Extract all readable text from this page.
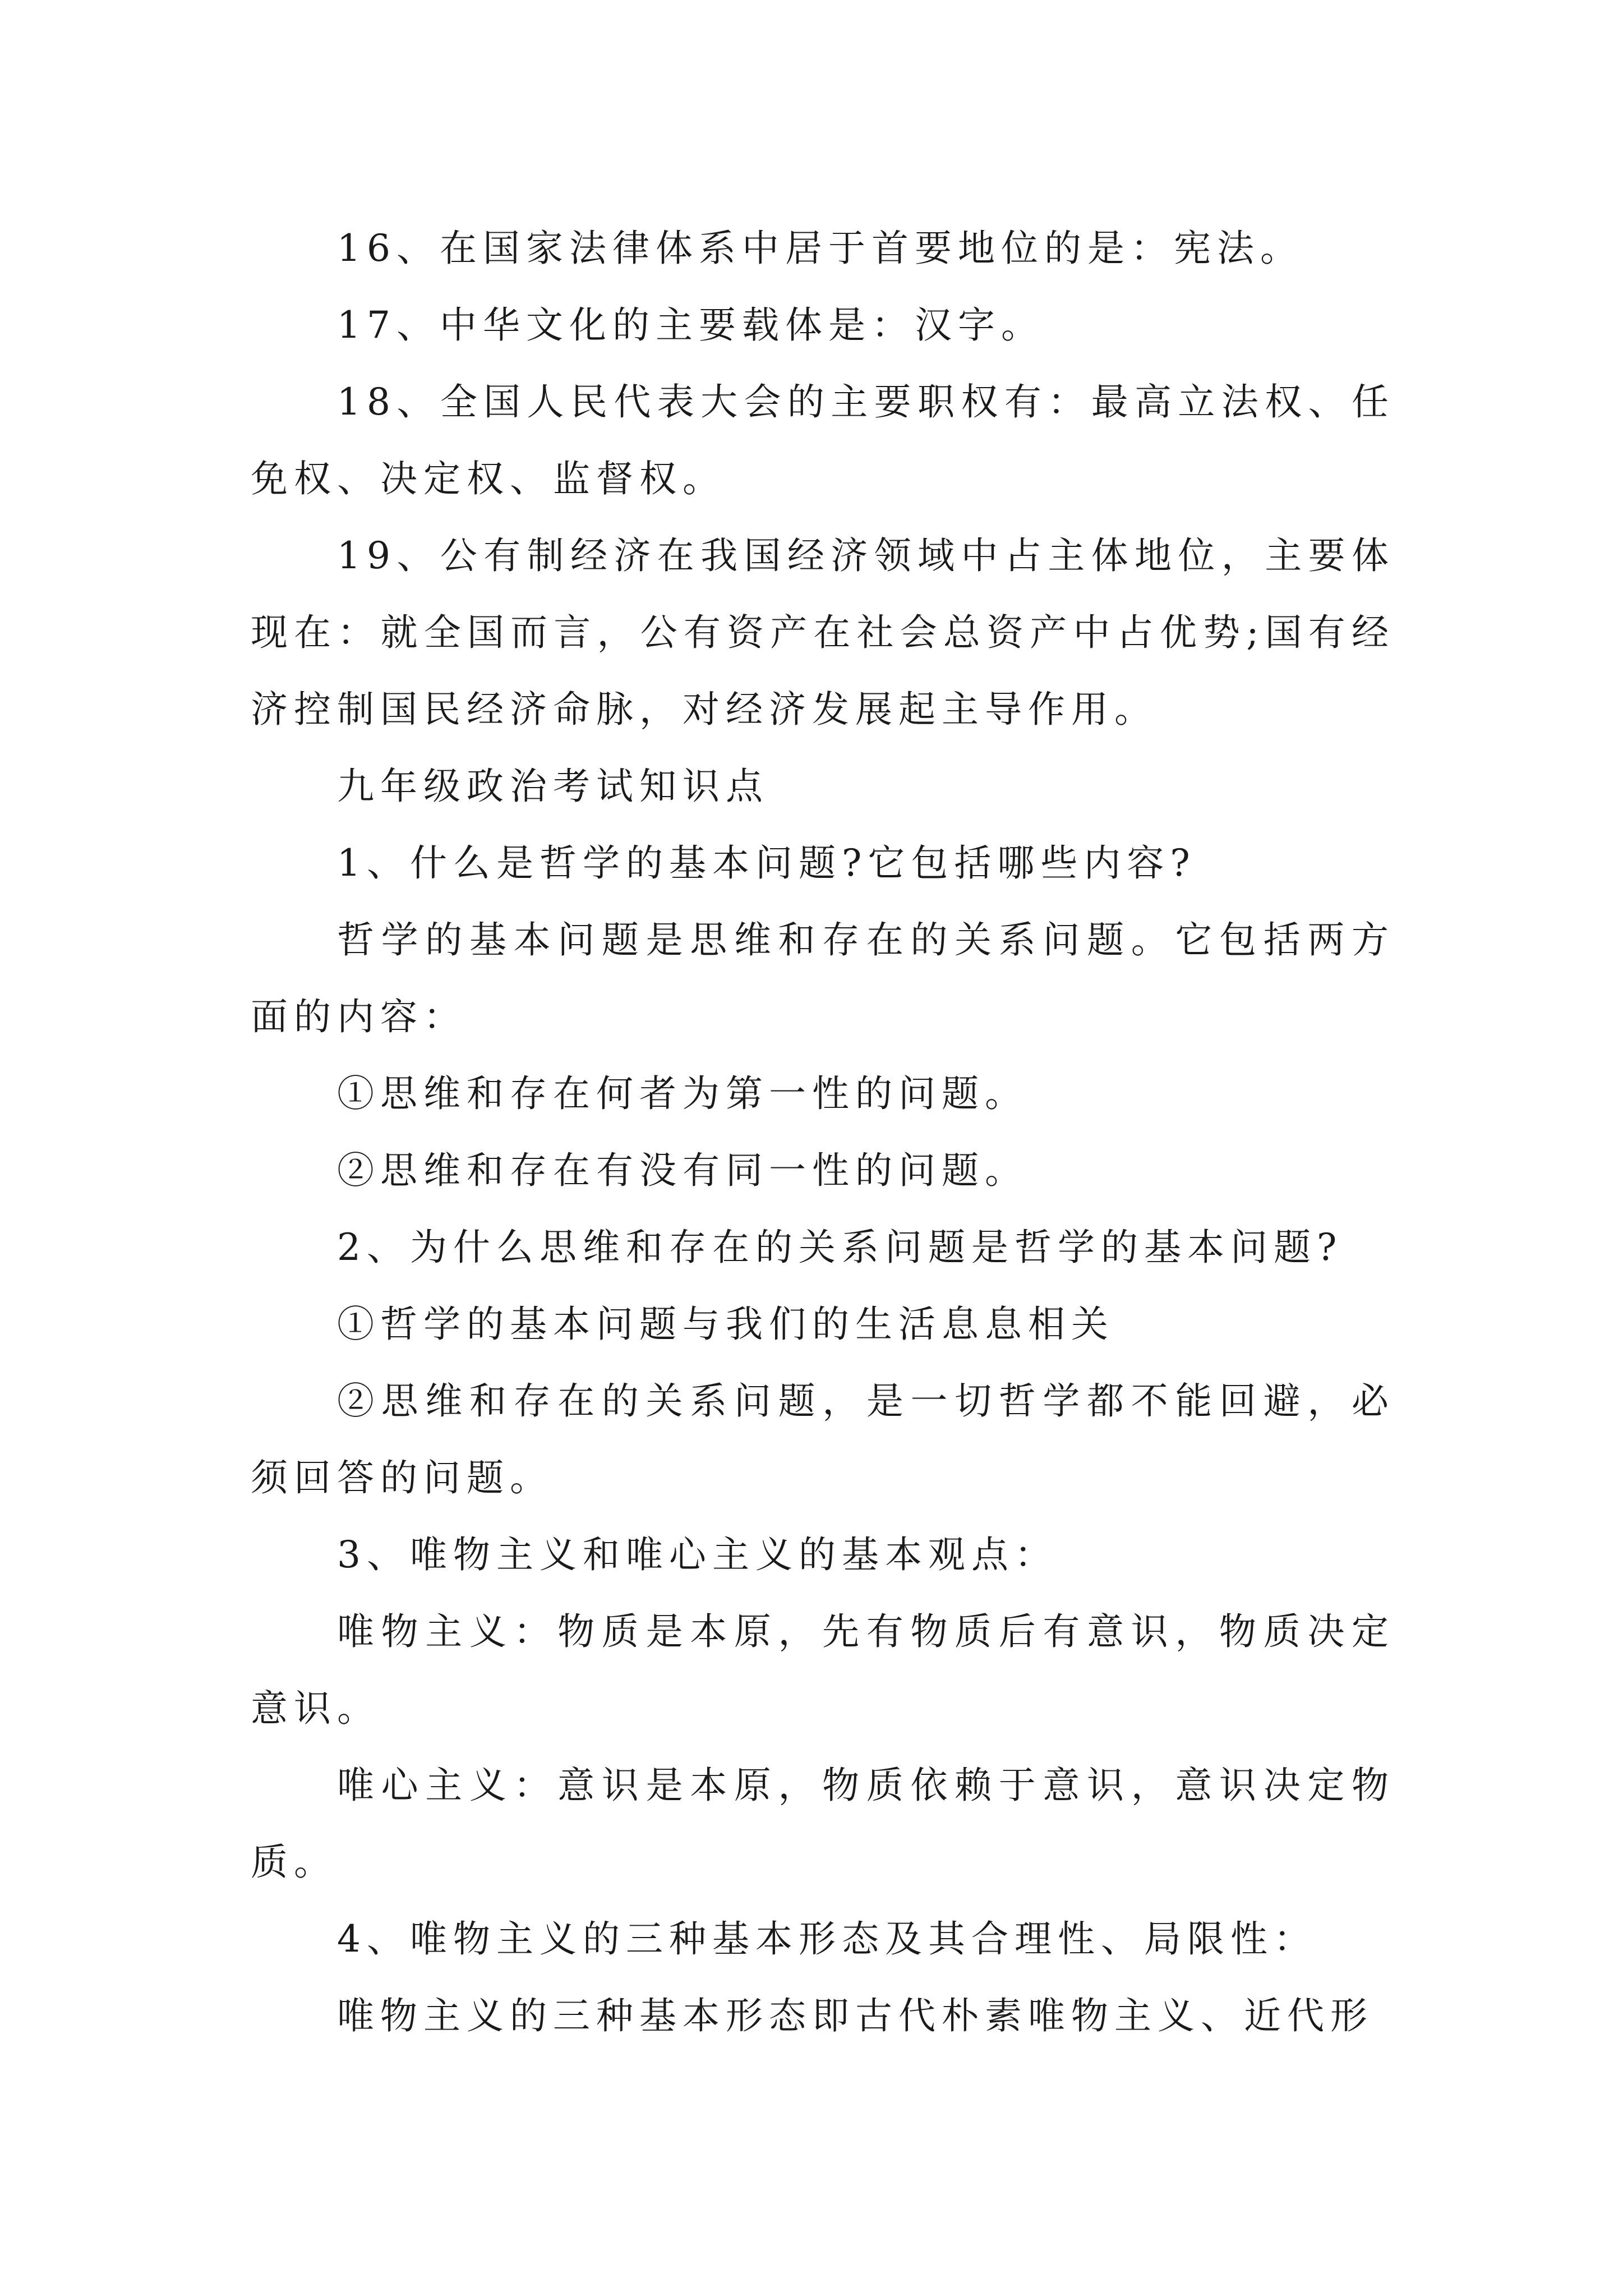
16、在国家法律体系中居于首要地位的是：宪法。

17、中华文化的主要载体是：汉字。

18、全国人民代表大会的主要职权有：最高立法权、任免权、决定权、监督权。

19、公有制经济在我国经济领域中占主体地位，主要体现在：就全国而言，公有资产在社会总资产中占优势;国有经济控制国民经济命脉，对经济发展起主导作用。

九年级政治考试知识点

1、什么是哲学的基本问题?它包括哪些内容?

哲学的基本问题是思维和存在的关系问题。它包括两方面的内容：

①思维和存在何者为第一性的问题。

②思维和存在有没有同一性的问题。

2、为什么思维和存在的关系问题是哲学的基本问题?

①哲学的基本问题与我们的生活息息相关

②思维和存在的关系问题，是一切哲学都不能回避，必须回答的问题。

3、唯物主义和唯心主义的基本观点：

唯物主义：物质是本原，先有物质后有意识，物质决定意识。

唯心主义：意识是本原，物质依赖于意识，意识决定物质。

4、唯物主义的三种基本形态及其合理性、局限性：

唯物主义的三种基本形态即古代朴素唯物主义、近代形
